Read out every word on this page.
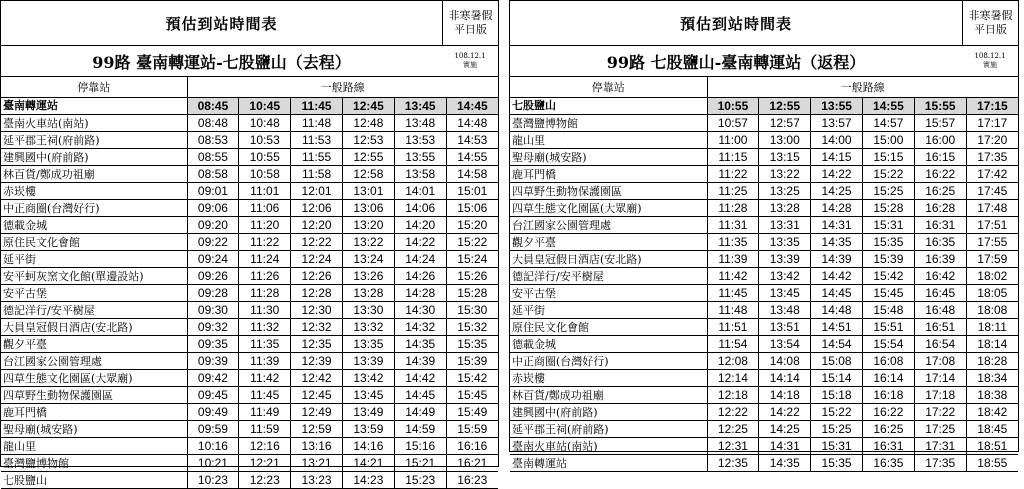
預估到站時間表	非寒暑假
平日版
99路 臺南轉運站-七股鹽山（去程）	108.12.1
實施
停靠站	一般路線					
臺南轉運站	08:45	10:45	11:45	12:45	13:45	14:45
臺南火車站(南站)	08:48	10:48	11:48	12:48	13:48	14:48
延平郡王祠(府前路)	08:53	10:53	11:53	12:53	13:53	14:53
建興國中(府前路)	08:55	10:55	11:55	12:55	13:55	14:55
林百貨/鄭成功祖廟	08:58	10:58	11:58	12:58	13:58	14:58
赤崁樓	09:01	11:01	12:01	13:01	14:01	15:01
中正商圈(台灣好行)	09:06	11:06	12:06	13:06	14:06	15:06
德載金城	09:20	11:20	12:20	13:20	14:20	15:20
原住民文化會館	09:22	11:22	12:22	13:22	14:22	15:22
延平街	09:24	11:24	12:24	13:24	14:24	15:24
安平蚵灰窯文化館(單邊設站)	09:26	11:26	12:26	13:26	14:26	15:26
安平古堡	09:28	11:28	12:28	13:28	14:28	15:28
德記洋行/安平樹屋	09:30	11:30	12:30	13:30	14:30	15:30
大員皇冠假日酒店(安北路)	09:32	11:32	12:32	13:32	14:32	15:32
觀夕平臺	09:35	11:35	12:35	13:35	14:35	15:35
台江國家公園管理處	09:39	11:39	12:39	13:39	14:39	15:39
四草生態文化園區(大眾廟)	09:42	11:42	12:42	13:42	14:42	15:42
四草野生動物保護園區	09:45	11:45	12:45	13:45	14:45	15:45
鹿耳門橋	09:49	11:49	12:49	13:49	14:49	15:49
聖母廟(城安路)	09:59	11:59	12:59	13:59	14:59	15:59
龍山里	10:16	12:16	13:16	14:16	15:16	16:16
臺灣鹽博物館	10:21	12:21	13:21	14:21	15:21	16:21
七股鹽山	10:23	12:23	13:23	14:23	15:23	16:23
預估到站時間表	非寒暑假
平日版
99路 七股鹽山-臺南轉運站（返程）	108.12.1
實施
停靠站	一般路線					
七股鹽山	10:55	12:55	13:55	14:55	15:55	17:15
臺灣鹽博物館	10:57	12:57	13:57	14:57	15:57	17:17
龍山里	11:00	13:00	14:00	15:00	16:00	17:20
聖母廟(城安路)	11:15	13:15	14:15	15:15	16:15	17:35
鹿耳門橋	11:22	13:22	14:22	15:22	16:22	17:42
四草野生動物保護園區	11:25	13:25	14:25	15:25	16:25	17:45
四草生態文化園區(大眾廟)	11:28	13:28	14:28	15:28	16:28	17:48
台江國家公園管理處	11:31	13:31	14:31	15:31	16:31	17:51
觀夕平臺	11:35	13:35	14:35	15:35	16:35	17:55
大員皇冠假日酒店(安北路)	11:39	13:39	14:39	15:39	16:39	17:59
德記洋行/安平樹屋	11:42	13:42	14:42	15:42	16:42	18:02
安平古堡	11:45	13:45	14:45	15:45	16:45	18:05
延平街	11:48	13:48	14:48	15:48	16:48	18:08
原住民文化會館	11:51	13:51	14:51	15:51	16:51	18:11
德載金城	11:54	13:54	14:54	15:54	16:54	18:14
中正商圈(台灣好行)	12:08	14:08	15:08	16:08	17:08	18:28
赤崁樓	12:14	14:14	15:14	16:14	17:14	18:34
林百貨/鄭成功祖廟	12:18	14:18	15:18	16:18	17:18	18:38
建興國中(府前路)	12:22	14:22	15:22	16:22	17:22	18:42
延平郡王祠(府前路)	12:25	14:25	15:25	16:25	17:25	18:45
臺南火車站(南站)	12:31	14:31	15:31	16:31	17:31	18:51
臺南轉運站	12:35	14:35	15:35	16:35	17:35	18:55
